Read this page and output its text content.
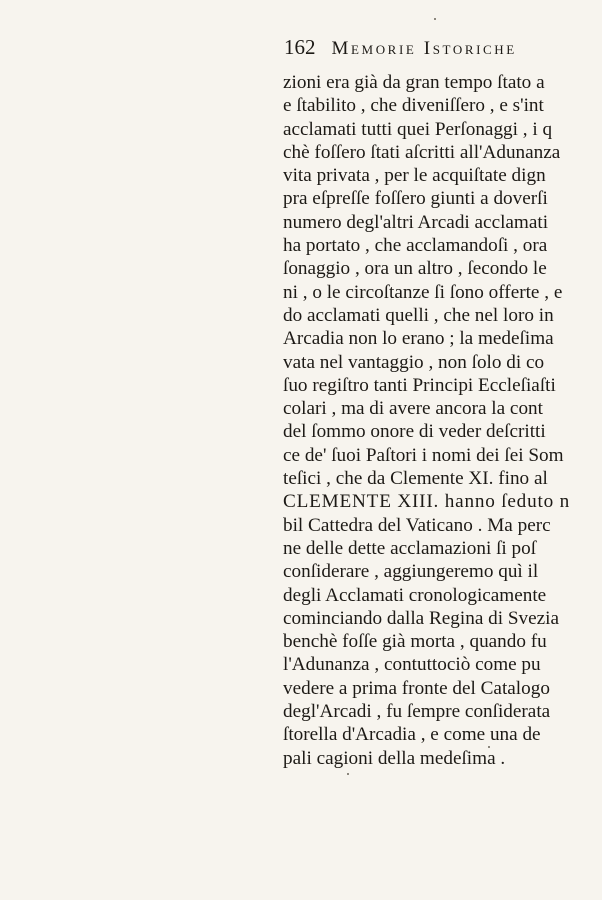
162 Memorie Istoriche
zioni era già da gran tempo ſtato a
e ſtabilito , che diveniſſero , e s'int
acclamati tutti quei Perſonaggi , i q
chè foſſero ſtati aſcritti all'Adunanza
vita privata , per le acquiſtate dign
pra eſpreſſe foſſero giunti a doverſi
numero degl'altri Arcadi acclamati
ha portato , che acclamandoſi , ora
ſonaggio , ora un altro , ſecondo le
ni , o le circoſtanze ſi ſono offerte , e
do acclamati quelli , che nel loro in
Arcadia non lo erano ; la medeſima
vata nel vantaggio , non ſolo di co
ſuo regiſtro tanti Principi Eccleſiaſti
colari , ma di avere ancora la cont
del ſommo onore di veder deſcritti
ce de' ſuoi Paſtori i nomi dei ſei Som
teſici , che da Clemente XI. fino al
CLEMENTE XIII. hanno ſeduto n
bil Cattedra del Vaticano . Ma perc
ne delle dette acclamazioni ſi poſ
conſiderare , aggiungeremo quì il
degli Acclamati cronologicamente
cominciando dalla Regina di Svezia
benchè foſſe già morta , quando fu
l'Adunanza , contuttociò come pu
vedere a prima fronte del Catalogo
degl'Arcadi , fu ſempre conſiderata
ſtorella d'Arcadia , e come una de
pali cagioni della medeſima .
